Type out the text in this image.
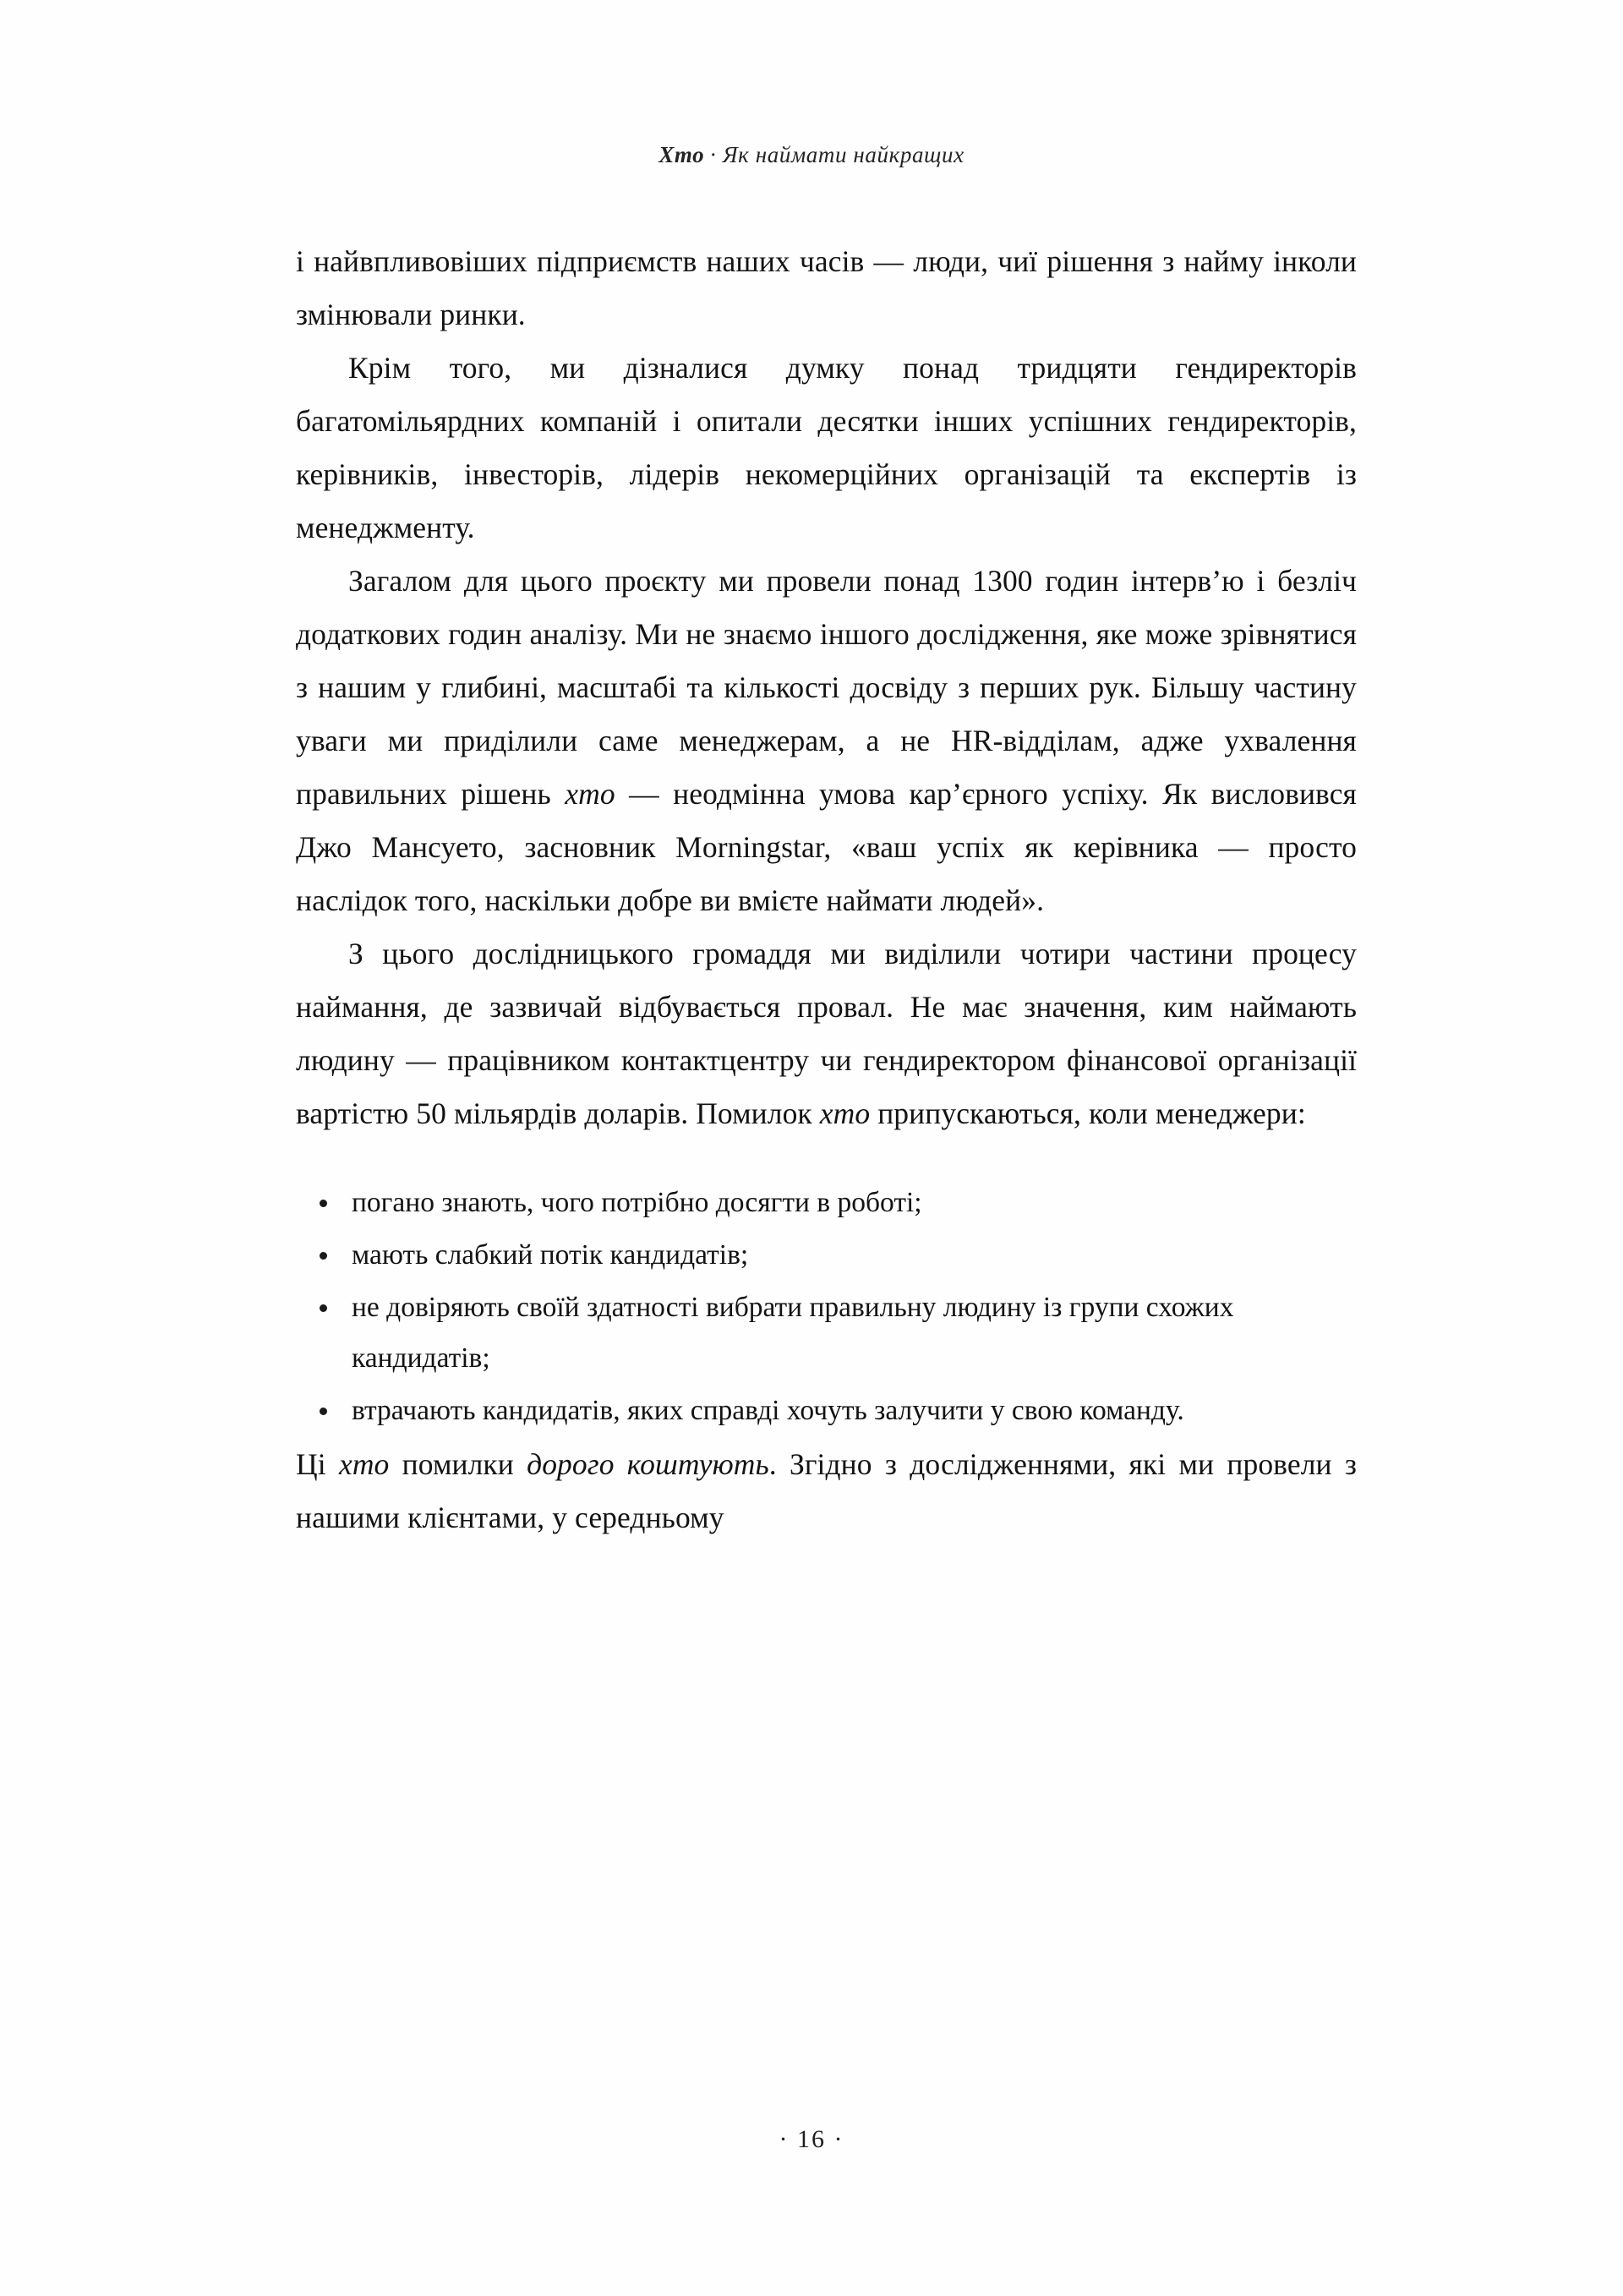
Хто · Як наймати найкращих

і найвпливовіших підприємств наших часів — люди, чиї рішення з найму інколи змінювали ринки.

Крім того, ми дізналися думку понад тридцяти гендиректорів багатомільярдних компаній і опитали десятки інших успішних гендиректорів, керівників, інвесторів, лідерів некомерційних організацій та експертів із менеджменту.

Загалом для цього проєкту ми провели понад 1300 годин інтерв’ю і безліч додаткових годин аналізу. Ми не знаємо іншого дослідження, яке може зрівнятися з нашим у глибині, масштабі та кількості досвіду з перших рук. Більшу частину уваги ми приділили саме менеджерам, а не HR-відділам, адже ухвалення правильних рішень хто — неодмінна умова кар’єрного успіху. Як висловився Джо Мансуето, засновник Morningstar, «ваш успіх як керівника — просто наслідок того, наскільки добре ви вмієте наймати людей».

З цього дослідницького громаддя ми виділили чотири частини процесу наймання, де зазвичай відбувається провал. Не має значення, ким наймають людину — працівником контактцентру чи гендиректором фінансової організації вартістю 50 мільярдів доларів. Помилок хто припускаються, коли менеджери:

погано знають, чого потрібно досягти в роботі;
мають слабкий потік кандидатів;
не довіряють своїй здатності вибрати правильну людину із групи схожих кандидатів;
втрачають кандидатів, яких справді хочуть залучити у свою команду.

Ці хто помилки дорого коштують. Згідно з дослідженнями, які ми провели з нашими клієнтами, у середньому

· 16 ·
